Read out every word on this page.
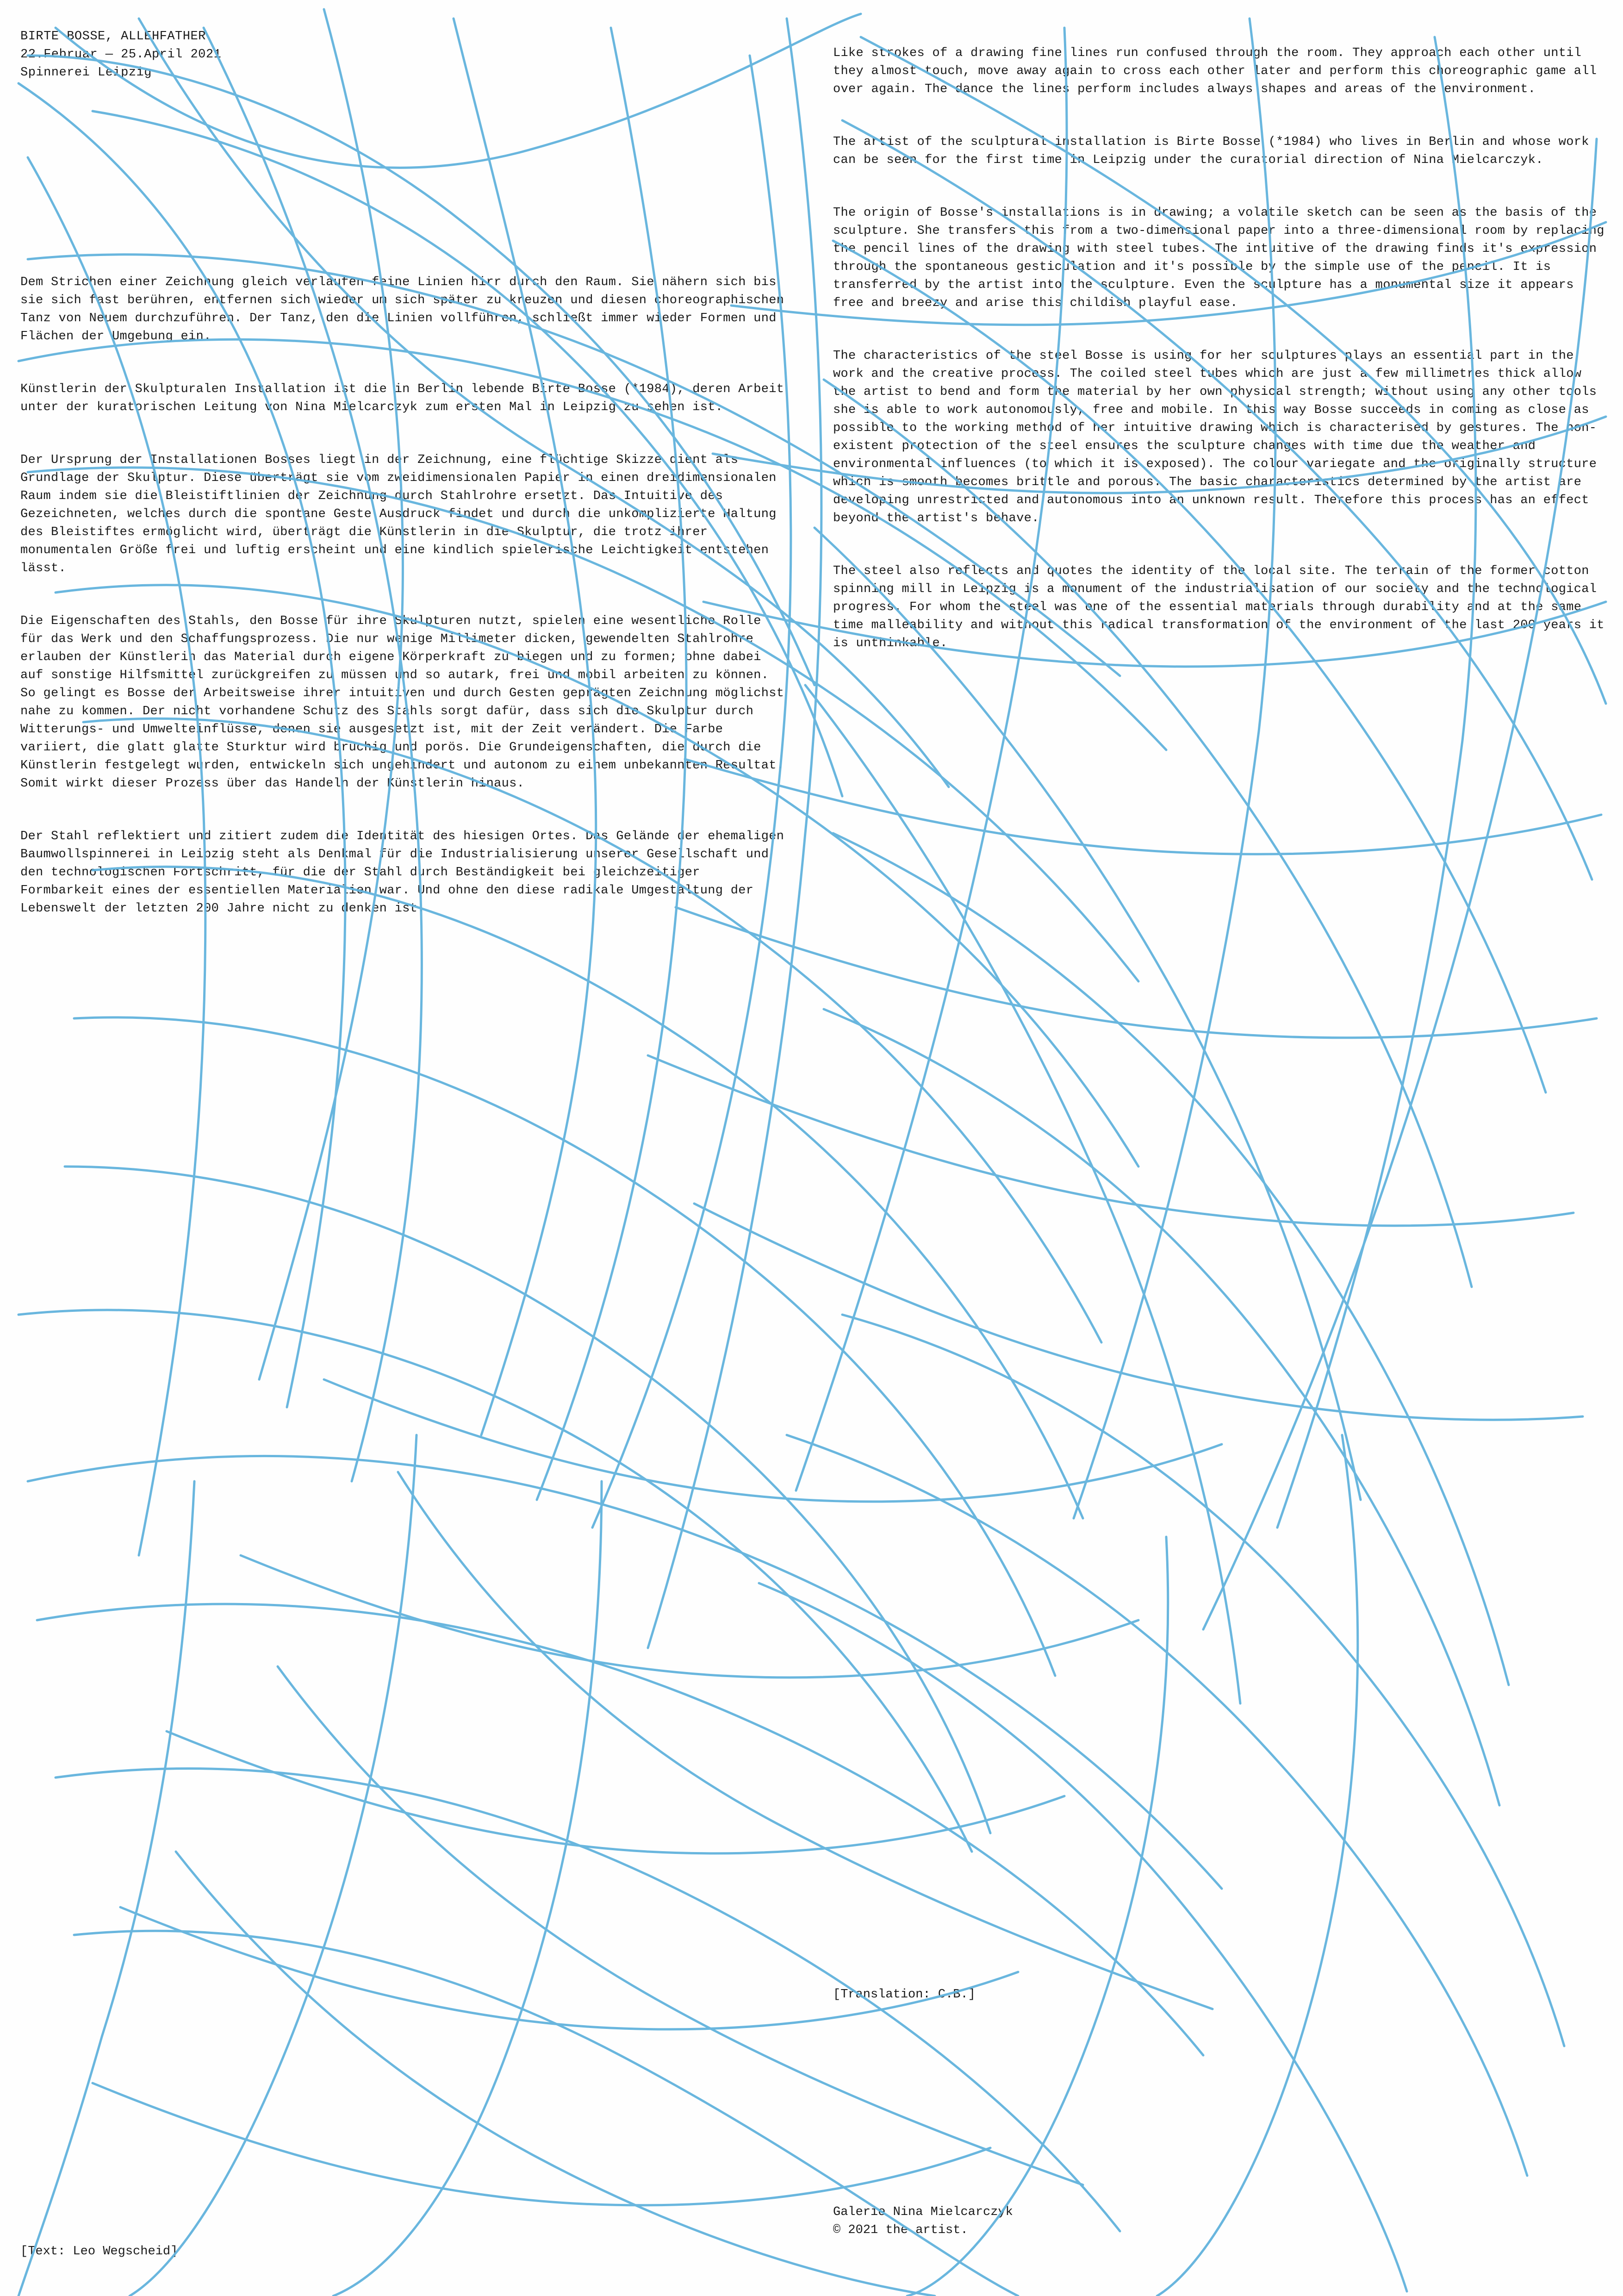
BIRTE BOSSE, ALLEHFATHER
22.Februar — 25.April 2021
Spinnerei Leipzig

Dem Strichen einer Zeichnung gleich verlaufen feine Linien hirr durch den Raum. Sie nähern sich bis sie sich fast berühren, entfernen sich wieder um sich später zu kreuzen und diesen choreographischen Tanz von Neuem durchzuführen. Der Tanz, den die Linien vollführen, schließt immer wieder Formen und Flächen der Umgebung ein.

Künstlerin der Skulpturalen Installation ist die in Berlin lebende Birte Bosse (*1984), deren Arbeit unter der kuratorischen Leitung von Nina Mielcarczyk zum ersten Mal in Leipzig zu sehen ist.

Der Ursprung der Installationen Bosses liegt in der Zeichnung, eine flüchtige Skizze dient als Grundlage der Skulptur. Diese überträgt sie vom zweidimensionalen Papier in einen dreidimensionalen Raum indem sie die Bleistiftlinien der Zeichnung durch Stahlrohre ersetzt. Das Intuitive des Gezeichneten, welches durch die spontane Geste Ausdruck findet und durch die unkomplizierte Haltung des Bleistiftes ermöglicht wird, überträgt die Künstlerin in die Skulptur, die trotz ihrer monumentalen Größe frei und luftig erscheint und eine kindlich spielerische Leichtigkeit entstehen lässt.

Die Eigenschaften des Stahls, den Bosse für ihre Skulpturen nutzt, spielen eine wesentliche Rolle für das Werk und den Schaffungsprozess. Die nur wenige Millimeter dicken, gewendelten Stahlrohre erlauben der Künstlerin das Material durch eigene Körperkraft zu biegen und zu formen; ohne dabei auf sonstige Hilfsmittel zurückgreifen zu müssen und so autark, frei und mobil arbeiten zu können. So gelingt es Bosse der Arbeitsweise ihrer intuitiven und durch Gesten geprägten Zeichnung möglichst nahe zu kommen. Der nicht vorhandene Schutz des Stahls sorgt dafür, dass sich die Skulptur durch Witterungs- und Umwelteinflüsse, denen sie ausgesetzt ist, mit der Zeit verändert. Die Farbe variiert, die glatt glatte Sturktur wird brüchig und porös. Die Grundeigenschaften, die durch die Künstlerin festgelegt wurden, entwickeln sich ungehindert und autonom zu einem unbekannten Resultat. Somit wirkt dieser Prozess über das Handeln der Künstlerin hinaus.

Der Stahl reflektiert und zitiert zudem die Identität des hiesigen Ortes. Das Gelände der ehemaligen Baumwollspinnerei in Leipzig steht als Denkmal für die Industrialisierung unserer Gesellschaft und den technologischen Fortschritt, für die der Stahl durch Beständigkeit bei gleichzeitiger Formbarkeit eines der essentiellen Materialien war. Und ohne den diese radikale Umgestaltung der Lebenswelt der letzten 200 Jahre nicht zu denken ist.

Like strokes of a drawing fine lines run confused through the room. They approach each other until they almost touch, move away again to cross each other later and perform this choreographic game all over again. The dance the lines perform includes always shapes and areas of the environment.

The artist of the sculptural installation is Birte Bosse (*1984) who lives in Berlin and whose work can be seen for the first time in Leipzig under the curatorial direction of Nina Mielcarczyk.

The origin of Bosse's installations is in drawing; a volatile sketch can be seen as the basis of the sculpture. She transfers this from a two-dimensional paper into a three-dimensional room by replacing the pencil lines of the drawing with steel tubes. The intuitive of the drawing finds it's expression through the spontaneous gesticulation and it's possible by the simple use of the pencil. It is transferred by the artist into the sculpture. Even the sculpture has a monumental size it appears free and breezy and arise this childish playful ease.

The characteristics of the steel Bosse is using for her sculptures plays an essential part in the work and the creative process. The coiled steel tubes which are just a few millimetres thick allow the artist to bend and form the material by her own physical strength; without using any other tools she is able to work autonomously, free and mobile. In this way Bosse succeeds in coming as close as possible to the working method of her intuitive drawing which is characterised by gestures. The non-existent protection of the steel ensures the sculpture changes with time due the weather and environmental influences (to which it is exposed). The colour variegate and the originally structure which is smooth becomes brittle and porous. The basic characteristics determined by the artist are developing unrestricted and autonomous into an unknown result. Therefore this process has an effect beyond the artist's behave.

The steel also reflects and quotes the identity of the local site. The terrain of the former cotton spinning mill in Leipzig is a monument of the industrialisation of our society and the technological progress. For whom the steel was one of the essential materials through durability and at the same time malleability and without this radical transformation of the environment of the last 200 years it is unthinkable.

[Translation: C.B.]
[Text: Leo Wegscheid]
Galerie Nina Mielcarczyk
© 2021 the artist.
